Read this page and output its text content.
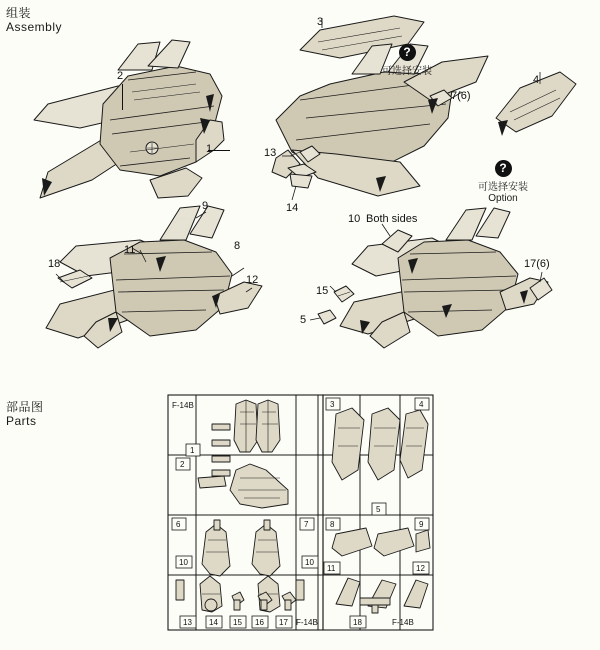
组装
Assembly
部品图
Parts
2
1
3
4
7(6)
13
14
?
可选择安装
?
可选择安装
Option
9
11	8
18
12
10 Both sides
15
5
17(6)
1
2
3	4
5
6	7	8	9
10	10
11	12
13 14 15 16 17	18
F-14B
F-14B	F-14B
